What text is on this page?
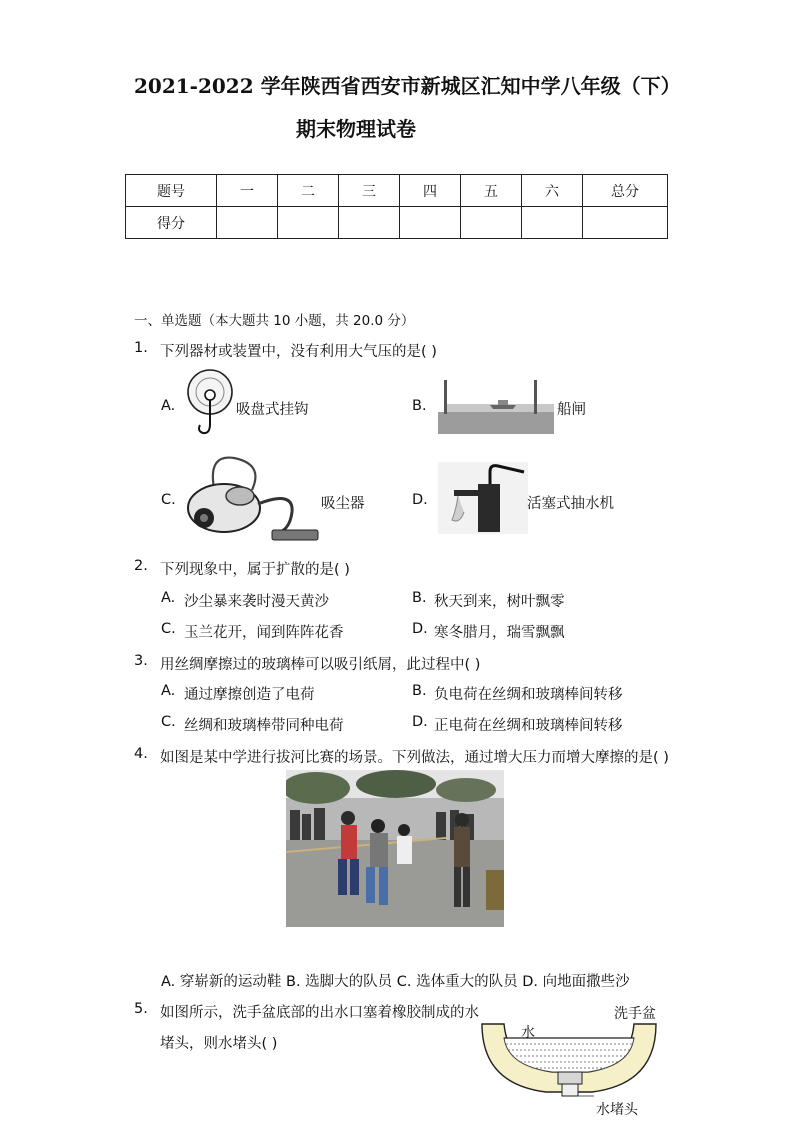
2021-2022 学年陕西省西安市新城区汇知中学八年级（下）
期末物理试卷
题号	一	二	三	四	五	六	总分
得分							
一、单选题（本大题共 10 小题，共 20.0 分）
1. 下列器材或装置中，没有利用大气压的是( )
A.	吸盘式挂钩	B.	船闸
C.	吸尘器	D.	活塞式抽水机
2. 下列现象中，属于扩散的是( )
A. 沙尘暴来袭时漫天黄沙	B. 秋天到来，树叶飘零
C. 玉兰花开，闻到阵阵花香	D. 寒冬腊月，瑞雪飘飘
3. 用丝绸摩擦过的玻璃棒可以吸引纸屑，此过程中( )
A. 通过摩擦创造了电荷	B. 负电荷在丝绸和玻璃棒间转移
C. 丝绸和玻璃棒带同种电荷	D. 正电荷在丝绸和玻璃棒间转移
4. 如图是某中学进行拔河比赛的场景。下列做法，通过增大压力而增大摩擦的是( )
A. 穿崭新的运动鞋 B. 选脚大的队员 C. 选体重大的队员 D. 向地面撒些沙
5. 如图所示，洗手盆底部的出水口塞着橡胶制成的水
堵头，则水堵头( )
洗手盆
水
水堵头
